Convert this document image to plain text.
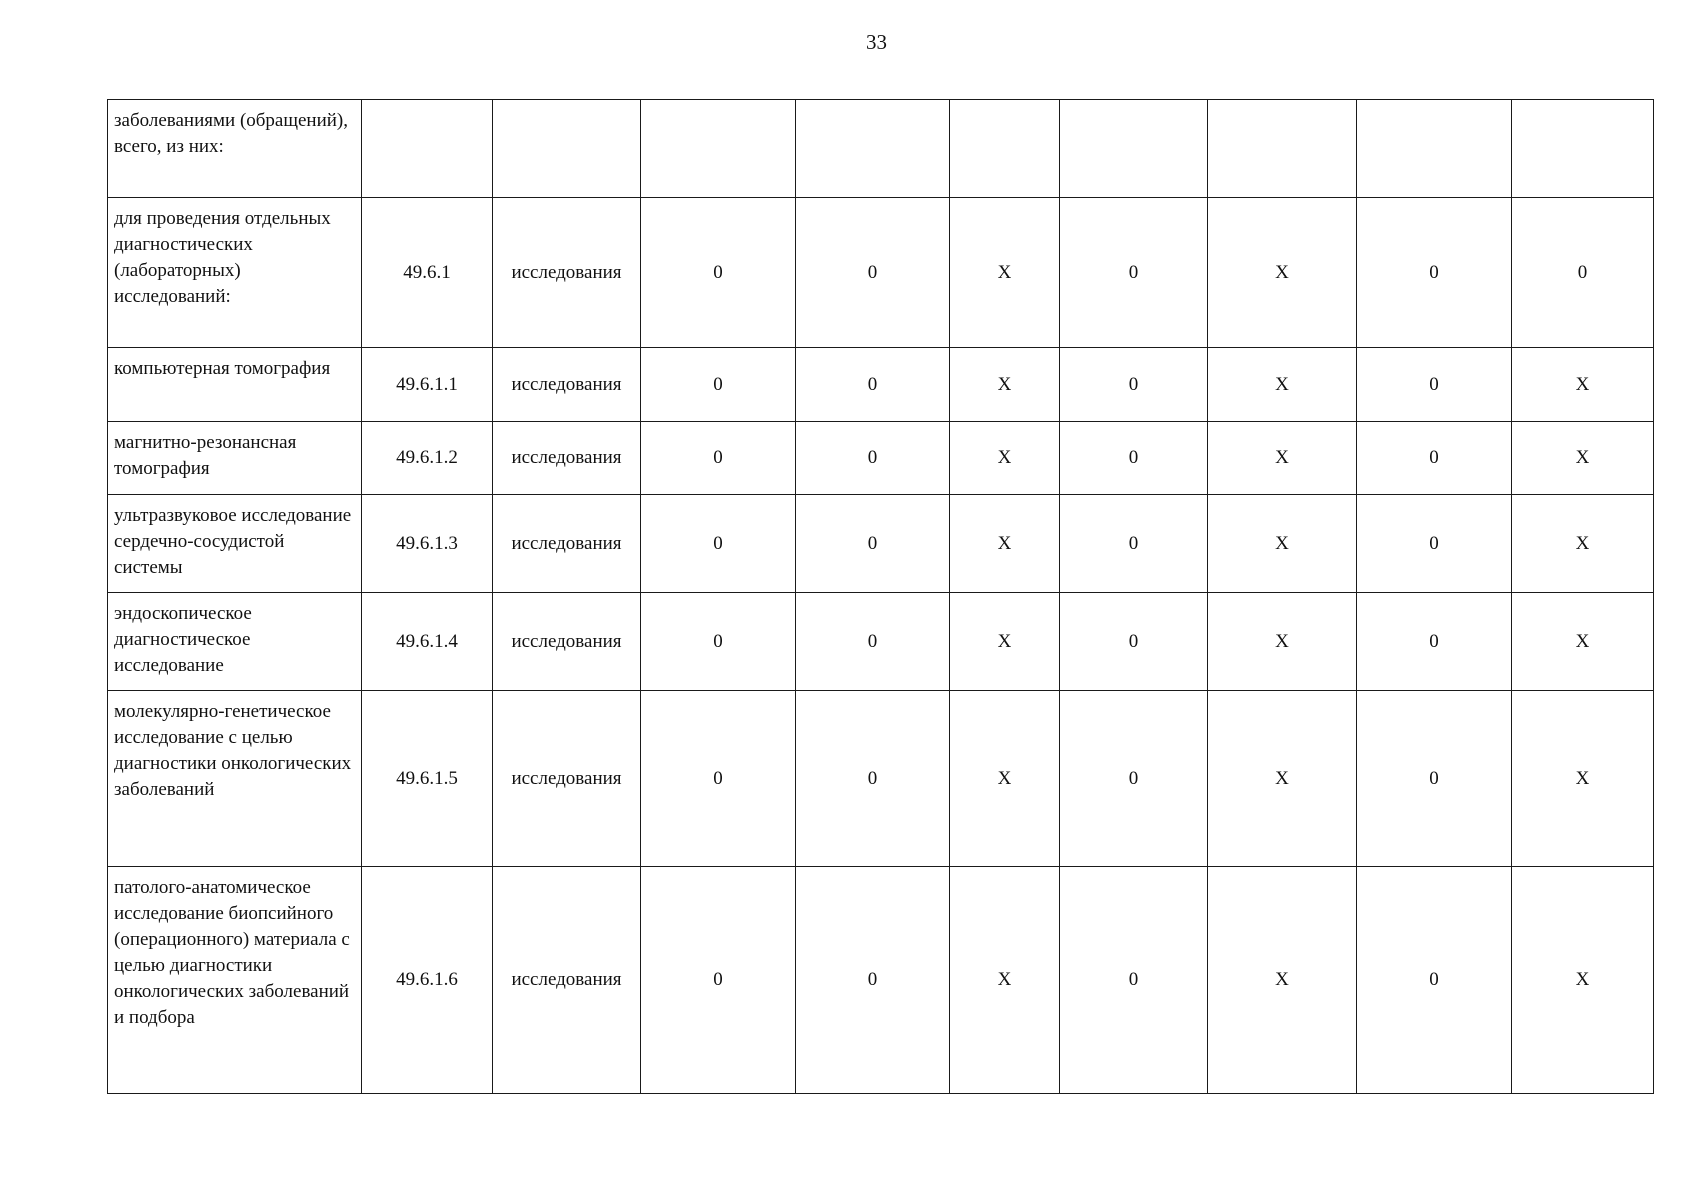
33
заболеваниями (обращений), всего, из них:									
для проведения отдельных диагностических (лабораторных) исследований:	49.6.1	исследования	0	0	X	0	X	0	0
компьютерная томография	49.6.1.1	исследования	0	0	X	0	X	0	X
магнитно-резонансная томография	49.6.1.2	исследования	0	0	X	0	X	0	X
ультразвуковое исследование сердечно-сосудистой системы	49.6.1.3	исследования	0	0	X	0	X	0	X
эндоскопическое диагностическое исследование	49.6.1.4	исследования	0	0	X	0	X	0	X
молекулярно-генетическое исследование с целью диагностики онкологических заболеваний	49.6.1.5	исследования	0	0	X	0	X	0	X
патолого-анатомическое исследование биопсийного (операционного) материала с целью диагностики онкологических заболеваний и подбора	49.6.1.6	исследования	0	0	X	0	X	0	X
